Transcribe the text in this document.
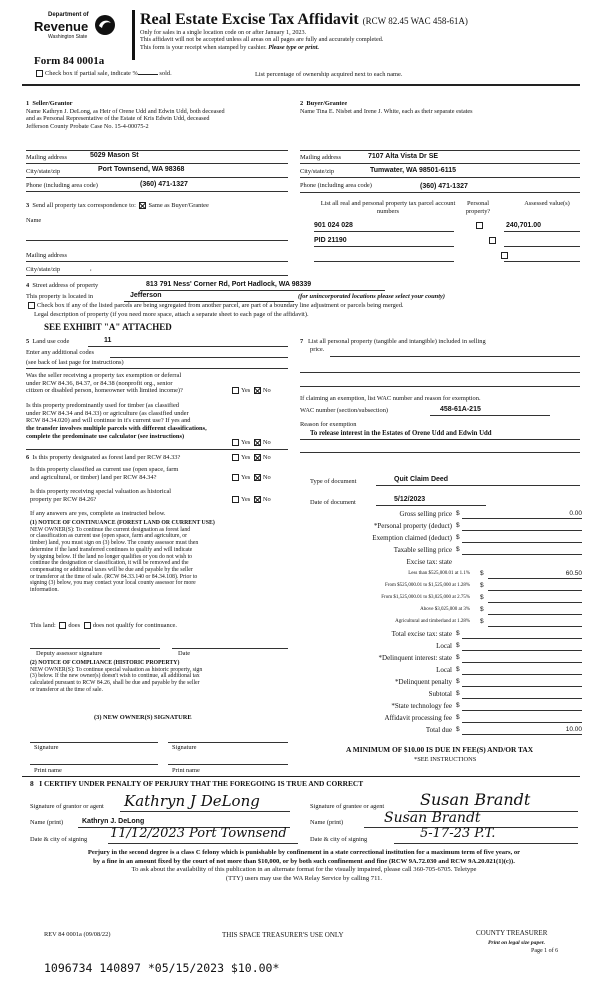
Department of
Revenue
Washington State
Real Estate Excise Tax Affidavit (RCW 82.45 WAC 458-61A)
Only for sales in a single location code on or after January 1, 2023.
This affidavit will not be accepted unless all areas on all pages are fully and accurately completed.
This form is your receipt when stamped by cashier. Please type or print.
Form 84 0001a
Check box if partial sale, indicate %	sold.	List percentage of ownership acquired next to each name.
1 Seller/Grantor
Name Kathryn J. DeLong, as Heir of Orene Udd and Edwin Udd, both deceased
and as Personal Representative of the Estate of Kris Edwin Udd, deceased
Jefferson County Probate Case No. 15-4-00075-2
2 Buyer/Grantee
Name Tina E. Nisbet and Irene J. White, each as their separate estates
Mailing address	5029 Mason St
City/state/zip	Port Townsend, WA 98368
Phone (including area code)	(360) 471-1327
Mailing address	7107 Alta Vista Dr SE
City/state/zip	Tumwater, WA 98501-6115
Phone (including area code)	(360) 471-1327
3 Send all property tax correspondence to: Same as Buyer/Grantee
Name
Mailing address
City/state/zip	,
List all real and personal property tax parcel account numbers
Personal property?
Assessed value(s)
901 024 028
	240,701.00
PID 21190

4 Street address of property	813 791 Ness' Corner Rd, Port Hadlock, WA 98339
This property is located in	Jefferson	(for unincorporated locations please select your county)
Check box if any of the listed parcels are being segregated from another parcel, are part of a boundary line adjustment or parcels being merged.
Legal description of property (if you need more space, attach a separate sheet to each page of the affidavit).
SEE EXHIBIT "A" ATTACHED
5 Land use code	11
Enter any additional codes
(see back of last page for instructions)
Was the seller receiving a property tax exemption or deferral
under RCW 84.36, 84.37, or 84.38 (nonprofit org., senior
citizen or disabled person, homeowner with limited income)?	Yes No
Is this property predominantly used for timber (as classified
under RCW 84.34 and 84.33) or agriculture (as classified under
RCW 84.34.020) and will continue in it's current use? If yes and
the transfer involves multiple parcels with different classifications,
complete the predominate use calculator (see instructions)
Yes No
6 Is this property designated as forest land per RCW 84.33?	Yes No
Is this property classified as current use (open space, farm
and agricultural, or timber) land per RCW 84.34?	Yes No
Is this property receiving special valuation as historical
property per RCW 84.26?	Yes No
If any answers are yes, complete as instructed below.
(1) NOTICE OF CONTINUANCE (FOREST LAND OR CURRENT USE)
NEW OWNER(S): To continue the current designation as forest land
or classification as current use (open space, farm and agriculture, or
timber) land, you must sign on (3) below. The county assessor must then
determine if the land transferred continues to qualify and will indicate
by signing below. If the land no longer qualifies or you do not wish to
continue the designation or classification, it will be removed and the
compensating or additional taxes will be due and payable by the seller
or transferor at the time of sale. (RCW 84.33.140 or 84.34.108). Prior to
signing (3) below, you may contact your local county assessor for more
information.
This land: does does not qualify for continuance.
Deputy assessor signature	Date
(2) NOTICE OF COMPLIANCE (HISTORIC PROPERTY)
NEW OWNER(S): To continue special valuation as historic property, sign
(3) below. If the new owner(s) doesn't wish to continue, all additional tax
calculated pursuant to RCW 84.26, shall be due and payable by the seller
or transferor at the time of sale.
(3) NEW OWNER(S) SIGNATURE
Signature	Signature
Print name	Print name
7 List all personal property (tangible and intangible) included in selling
price.
If claiming an exemption, list WAC number and reason for exemption.
WAC number (section/subsection)	458-61A-215
Reason for exemption
To release interest in the Estates of Orene Udd and Edwin Udd
Type of document	Quit Claim Deed
Date of document	5/12/2023
Gross selling price $	0.00
*Personal property (deduct) $
Exemption claimed (deduct) $
Taxable selling price $
Excise tax: state
Less than $525,000.01 at 1.1% $	60.50
From $525,000.01 to $1,525,000 at 1.28% $
From $1,525,000.01 to $3,025,000 at 2.75% $
Above $3,025,000 at 3% $
Agricultural and timberland at 1.28% $
Total excise tax: state $
Local $
*Delinquent interest: state $
Local $
*Delinquent penalty $
Subtotal $
*State technology fee $
Affidavit processing fee $
Total due $	10.00
A MINIMUM OF $10.00 IS DUE IN FEE(S) AND/OR TAX
*SEE INSTRUCTIONS
8 I CERTIFY UNDER PENALTY OF PERJURY THAT THE FOREGOING IS TRUE AND CORRECT
Signature of grantor or agent Kathryn J DeLong
Name (print)	Kathryn J. DeLong
Date & city of signing 11/12/2023 Port Townsend
Signature of grantee or agent Susan Brandt
Name (print)	Susan Brandt
Date & city of signing	5-17-23 P.T.
Perjury in the second degree is a class C felony which is punishable by confinement in a state correctional institution for a maximum term of five years, or
by a fine in an amount fixed by the court of not more than $10,000, or by both such confinement and fine (RCW 9A.72.030 and RCW 9A.20.021(1)(c)).
To ask about the availability of this publication in an alternate format for the visually impaired, please call 360-705-6705. Teletype
(TTY) users may use the WA Relay Service by calling 711.
REV 84 0001a (09/08/22)	THIS SPACE TREASURER'S USE ONLY	COUNTY TREASURER
Print on legal size paper.
Page 1 of 6
1096734 140897 *05/15/2023 $10.00*
